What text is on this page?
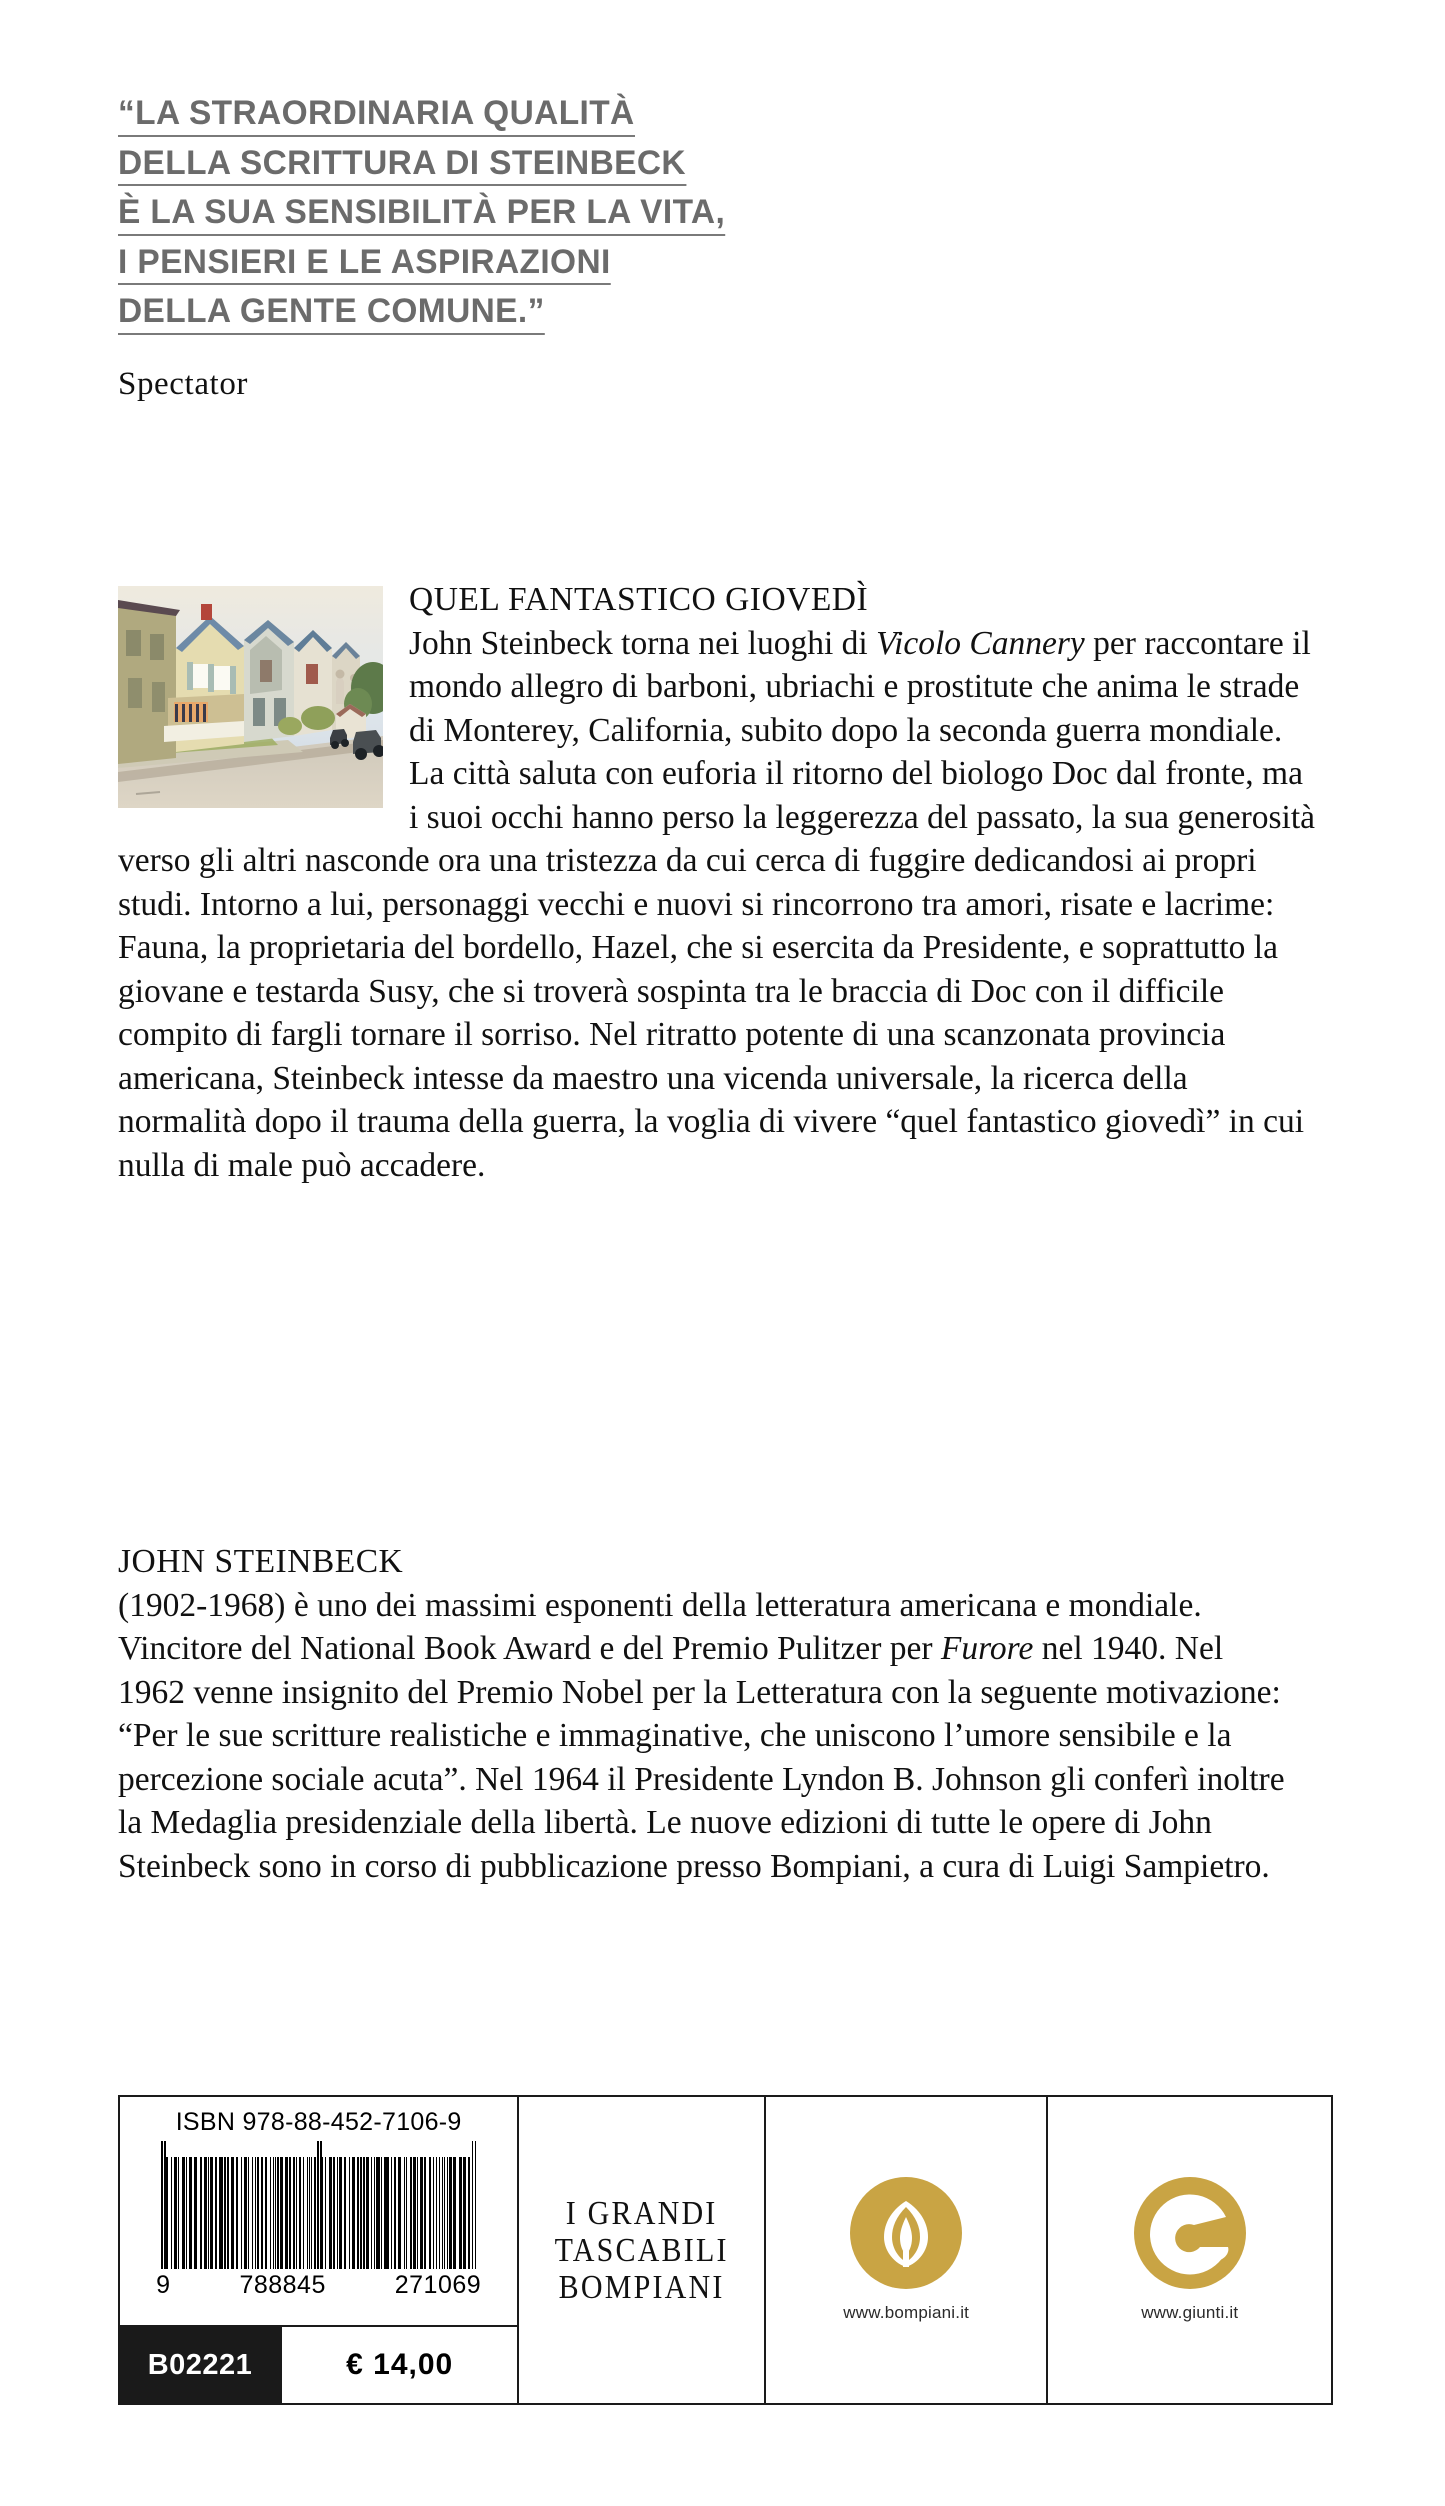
“LA STRAORDINARIA QUALITÀ
DELLA SCRITTURA DI STEINBECK
È LA SUA SENSIBILITÀ PER LA VITA,
I PENSIERI E LE ASPIRAZIONI
DELLA GENTE COMUNE.”
Spectator
QUEL FANTASTICO GIOVEDÌ
John Steinbeck torna nei luoghi di Vicolo Cannery per raccontare il mondo allegro di barboni, ubriachi e prostitute che anima le strade di Monterey, California, subito dopo la seconda guerra mondiale. La città saluta con euforia il ritorno del biologo Doc dal fronte, ma i suoi occhi hanno perso la leggerezza del passato, la sua generosità verso gli altri nasconde ora una tristezza da cui cerca di fuggire dedicandosi ai propri studi. Intorno a lui, personaggi vecchi e nuovi si rincorrono tra amori, risate e lacrime: Fauna, la proprietaria del bordello, Hazel, che si esercita da Presidente, e soprattutto la giovane e testarda Susy, che si troverà sospinta tra le braccia di Doc con il difficile compito di fargli tornare il sorriso. Nel ritratto potente di una scanzonata provincia americana, Steinbeck intesse da maestro una vicenda universale, la ricerca della normalità dopo il trauma della guerra, la voglia di vivere “quel fantastico giovedì” in cui nulla di male può accadere.
JOHN STEINBECK
(1902-1968) è uno dei massimi esponenti della letteratura americana e mondiale. Vincitore del National Book Award e del Premio Pulitzer per Furore nel 1940. Nel 1962 venne insignito del Premio Nobel per la Letteratura con la seguente motivazione: “Per le sue scritture realistiche e immaginative, che uniscono l’umore sensibile e la percezione sociale acuta”. Nel 1964 il Presidente Lyndon B. Johnson gli conferì inoltre la Medaglia presidenziale della libertà. Le nuove edizioni di tutte le opere di John Steinbeck sono in corso di pubblicazione presso Bompiani, a cura di Luigi Sampietro.
ISBN 978-88-452-7106-9
9	788845	271069
B02221	€ 14,00
I GRANDI
TASCABILI
BOMPIANI
www.bompiani.it	www.giunti.it
